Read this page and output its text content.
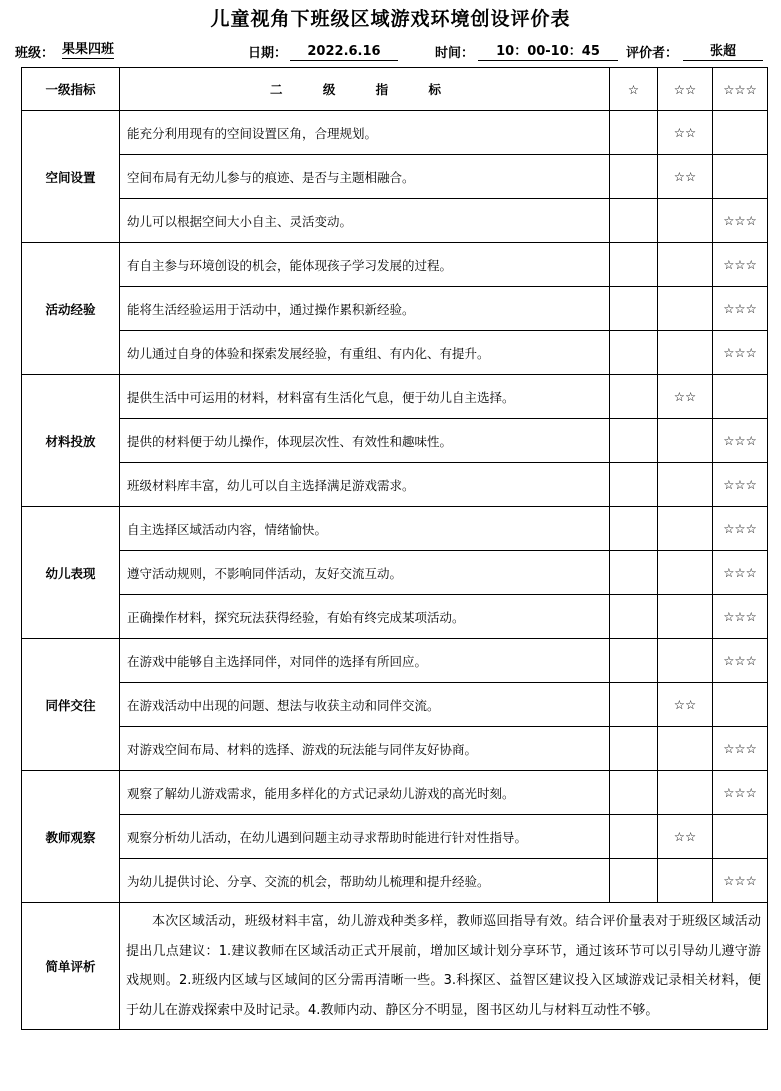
儿童视角下班级区域游戏环境创设评价表
班级： 果果四班	日期：	2022.6.16	时间：	10：00-10：45	评价者：	张超
一级指标	二 级 指 标	☆	☆☆	☆☆☆
空间设置	能充分利用现有的空间设置区角，合理规划。		☆☆	
	空间布局有无幼儿参与的痕迹、是否与主题相融合。		☆☆	
	幼儿可以根据空间大小自主、灵活变动。			☆☆☆
活动经验	有自主参与环境创设的机会，能体现孩子学习发展的过程。			☆☆☆
	能将生活经验运用于活动中，通过操作累积新经验。			☆☆☆
	幼儿通过自身的体验和探索发展经验，有重组、有内化、有提升。			☆☆☆
材料投放	提供生活中可运用的材料，材料富有生活化气息，便于幼儿自主选择。		☆☆	
	提供的材料便于幼儿操作，体现层次性、有效性和趣味性。			☆☆☆
	班级材料库丰富，幼儿可以自主选择满足游戏需求。			☆☆☆
幼儿表现	自主选择区域活动内容，情绪愉快。			☆☆☆
	遵守活动规则，不影响同伴活动，友好交流互动。			☆☆☆
	正确操作材料，探究玩法获得经验，有始有终完成某项活动。			☆☆☆
同伴交往	在游戏中能够自主选择同伴，对同伴的选择有所回应。			☆☆☆
	在游戏活动中出现的问题、想法与收获主动和同伴交流。		☆☆	
	对游戏空间布局、材料的选择、游戏的玩法能与同伴友好协商。			☆☆☆
教师观察	观察了解幼儿游戏需求，能用多样化的方式记录幼儿游戏的高光时刻。			☆☆☆
	观察分析幼儿活动，在幼儿遇到问题主动寻求帮助时能进行针对性指导。		☆☆	
	为幼儿提供讨论、分享、交流的机会，帮助幼儿梳理和提升经验。			☆☆☆
简单评析	本次区域活动，班级材料丰富，幼儿游戏种类多样，教师巡回指导有效。结合评价量表对于班级区域活动提出几点建议：1.建议教师在区域活动正式开展前，增加区域计划分享环节，通过该环节可以引导幼儿遵守游戏规则。2.班级内区域与区域间的区分需再清晰一些。3.科探区、益智区建议投入区域游戏记录相关材料，便于幼儿在游戏探索中及时记录。4.教师内动、静区分不明显，图书区幼儿与材料互动性不够。			
